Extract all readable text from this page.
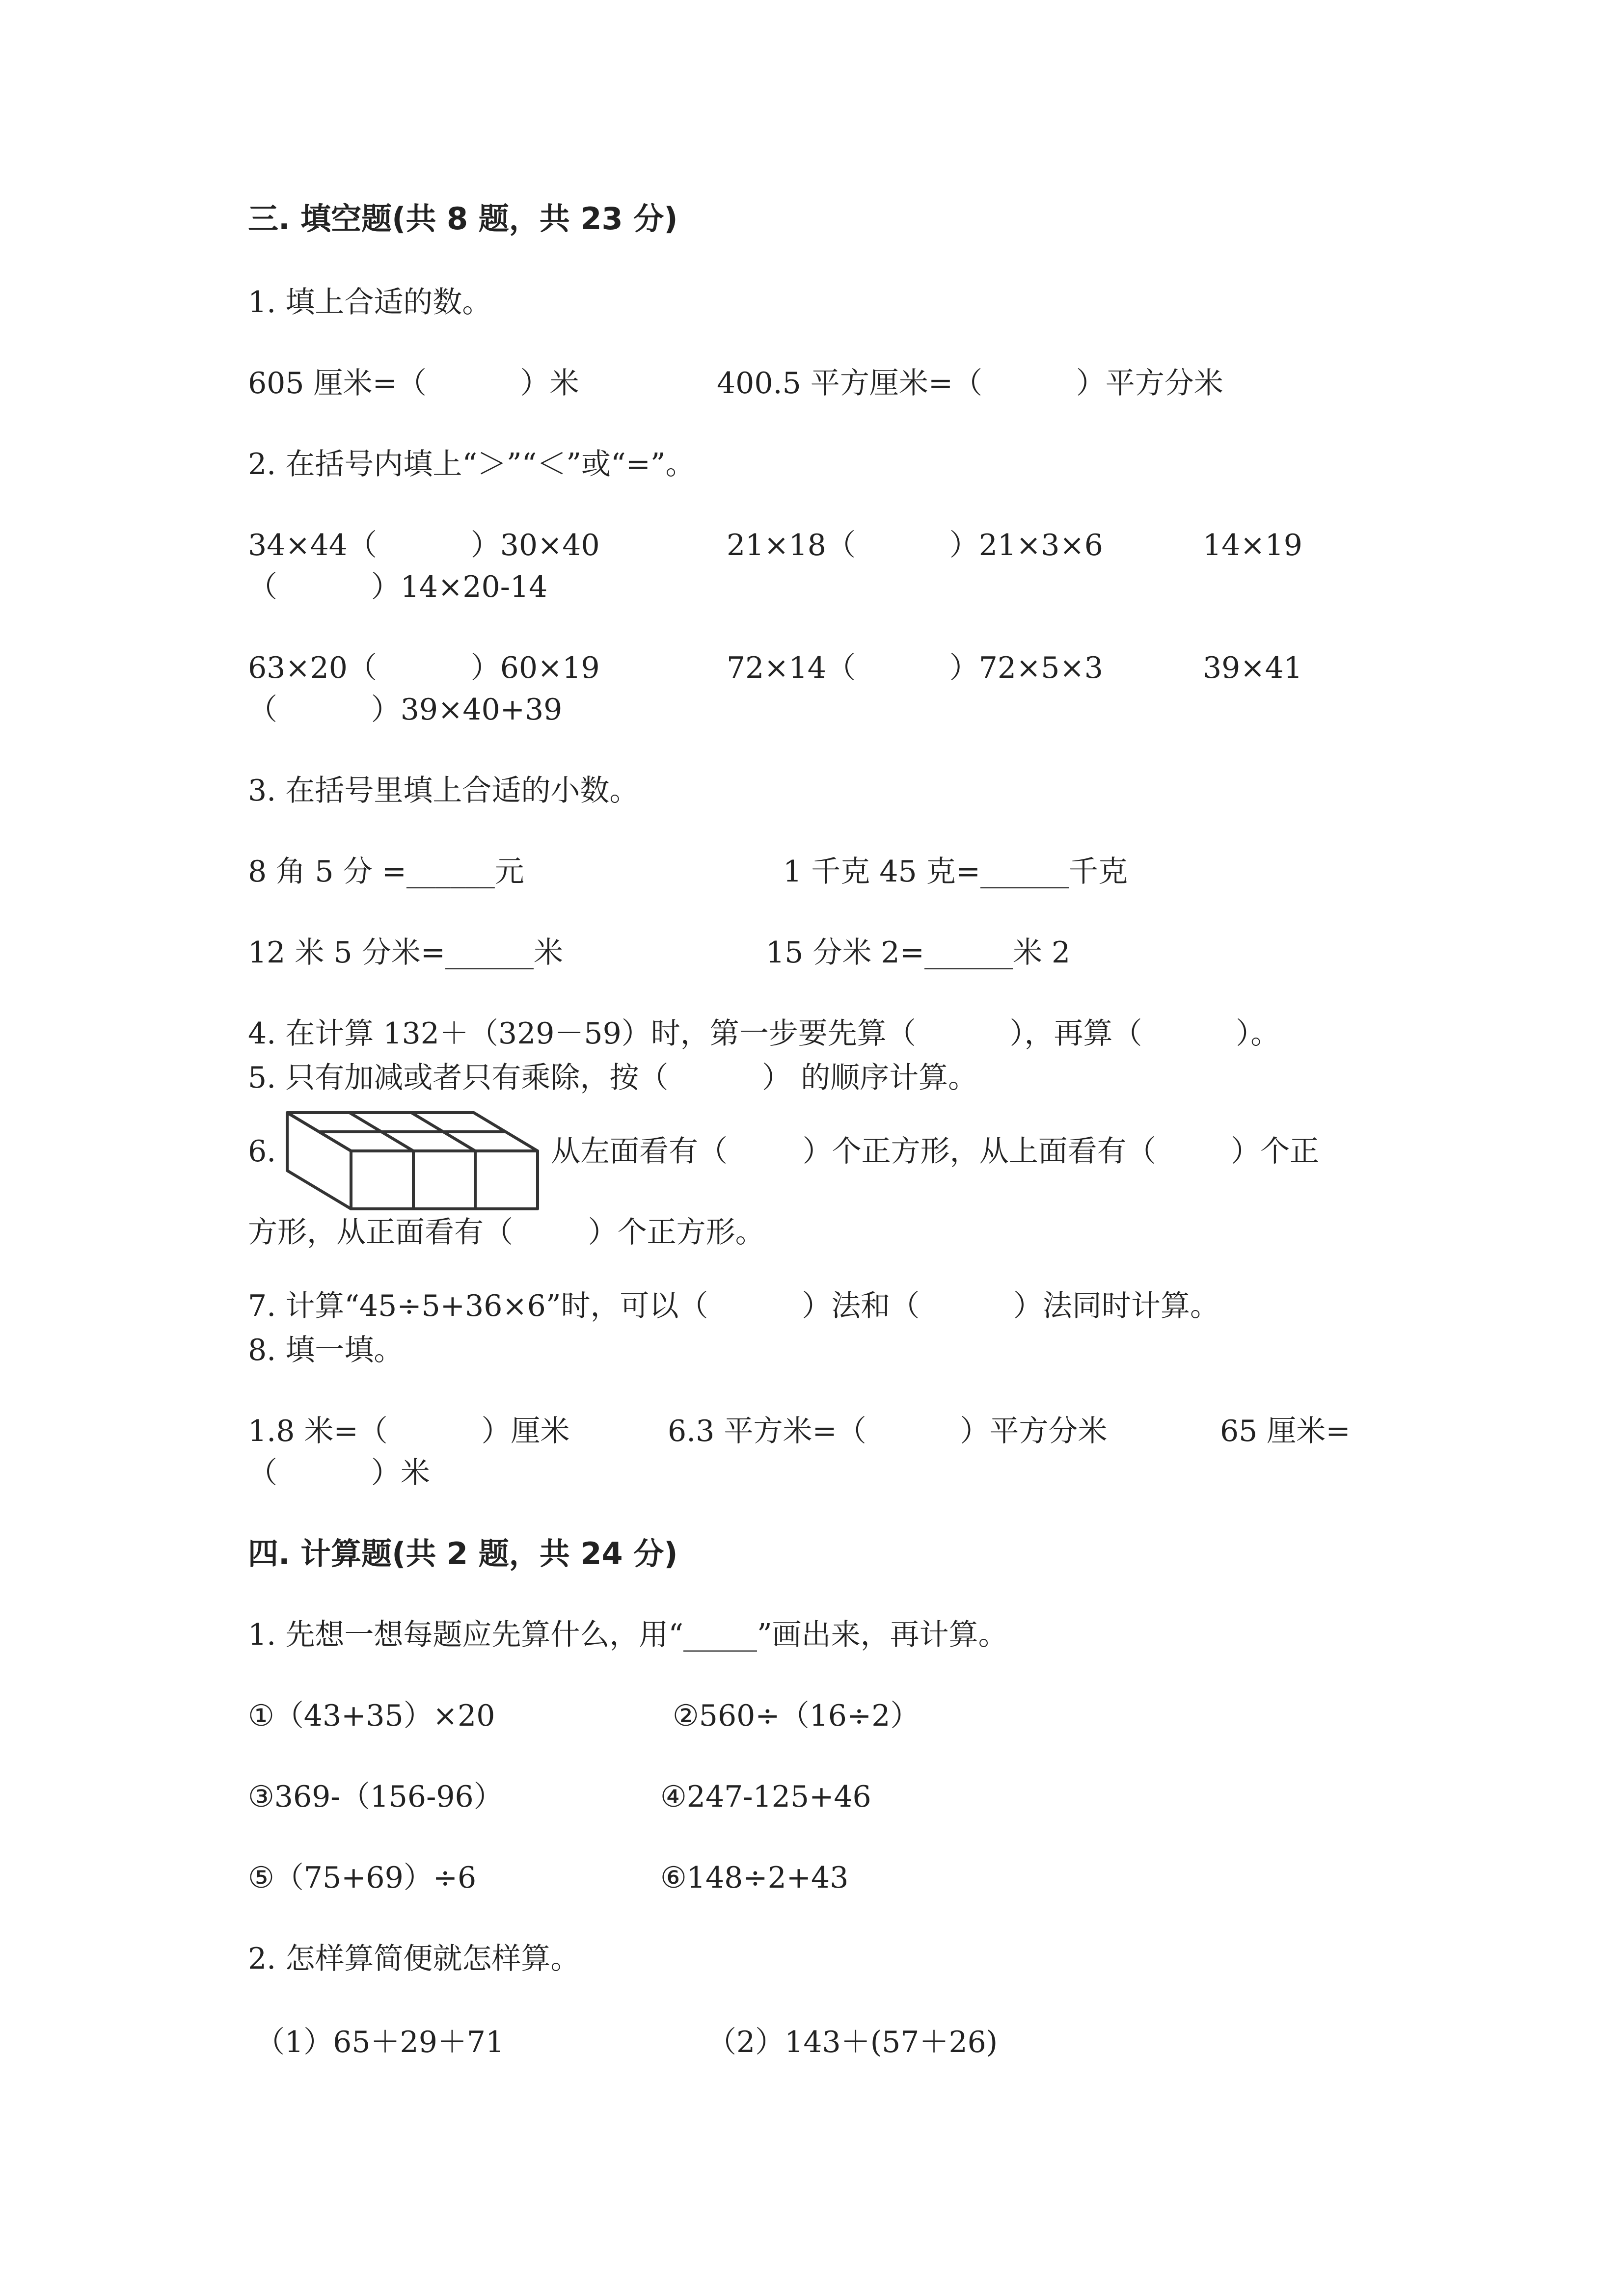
三. 填空题(共 8 题，共 23 分)
1. 填上合适的数。
605 厘米=（          ）米	400.5 平方厘米=（          ）平方分米
2. 在括号内填上“＞”“＜”或“=”。
34×44（          ）30×40	21×18（          ）21×3×6	14×19
（          ）14×20-14
63×20（          ）60×19	72×14（          ）72×5×3	39×41
（          ）39×40+39
3. 在括号里填上合适的小数。
8 角 5 分 =______元	1 千克 45 克=______千克
12 米 5 分米=______米	15 分米 2=______米 2
4. 在计算 132＋（329－59）时，第一步要先算（          ），再算（          ）。
5. 只有加减或者只有乘除，按（          ） 的顺序计算。
6.	从左面看有（        ）个正方形，从上面看有（        ）个正
方形，从正面看有（        ）个正方形。
7. 计算“45÷5+36×6”时，可以（          ）法和（          ）法同时计算。
8. 填一填。
1.8 米=（          ）厘米	6.3 平方米=（          ）平方分米	65 厘米=
（          ）米
四. 计算题(共 2 题，共 24 分)
1. 先想一想每题应先算什么，用“_____”画出来，再计算。
①（43+35）×20	②560÷（16÷2）
③369-（156-96）	④247-125+46
⑤（75+69）÷6	⑥148÷2+43
2. 怎样算简便就怎样算。
（1）65＋29＋71	（2）143＋(57＋26)
